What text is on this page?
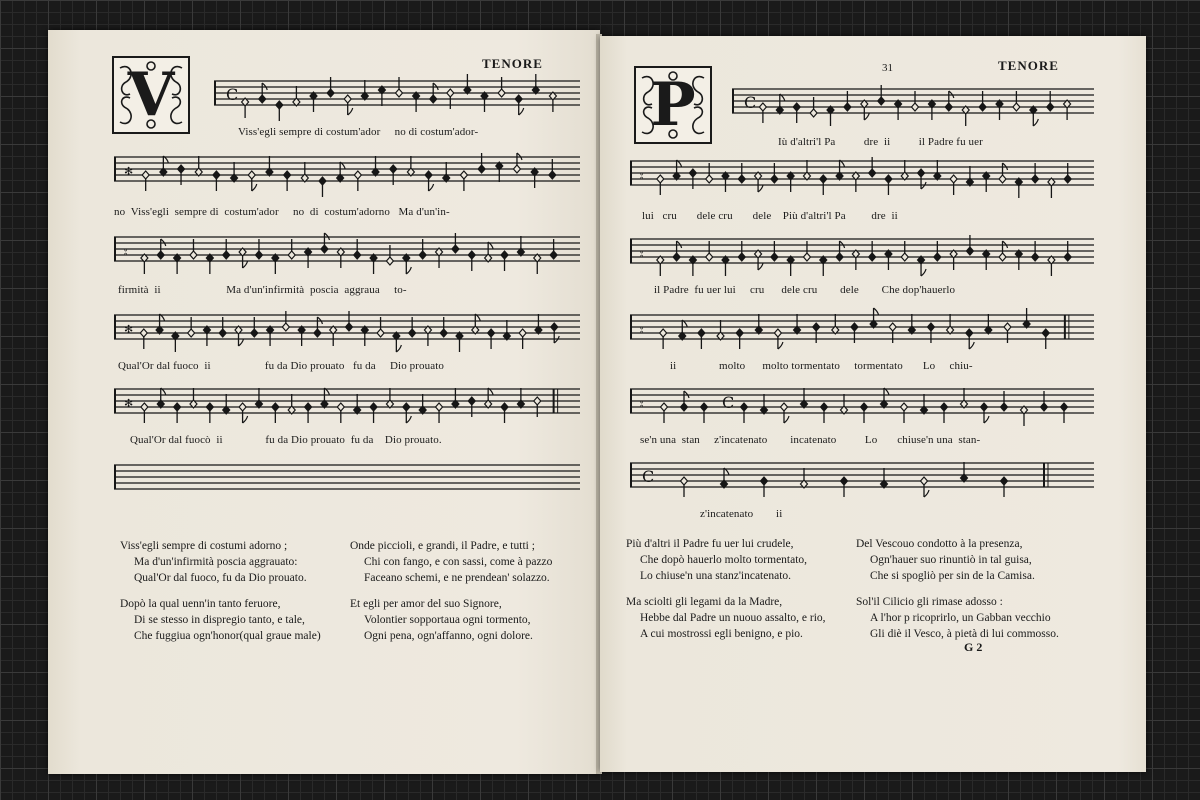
V	TENORE
C
Viss'egli sempre di costum'ador     no di costum'ador-
✻
no  Viss'egli  sempre di  costum'ador     no  di  costum'adorno   Ma d'un'in-
⦂
firmità  ii                       Ma d'un'infirmità  poscia  aggraua     to-
✻
Qual'Or dal fuoco  ii                   fu da Dio prouato   fu da     Dio prouato
✻
Qual'Or dal fuocò  ii               fu da Dio prouato  fu da    Dio prouato.
Viss'egli sempre di costumi adorno ;
Ma d'un'infirmità poscia aggrauato:
Qual'Or dal fuoco, fu da Dio prouato.
Dopò la qual uenn'in tanto feruore,
Di se stesso in dispregio tanto, e tale,
Che fuggiua ogn'honor(qual graue male)
Onde piccioli, e grandi, il Padre, e tutti ;
Chi con fango, e con sassi, come à pazzo
Faceano schemi, e ne prendean' solazzo.
Et egli per amor del suo Signore,
Volontier sopportaua ogni tormento,
Ogni pena, ogn'affanno, ogni dolore.
P
31	TENORE
C
Iù d'altri'l Pa          dre  ii          il Padre fu uer
⦂
lui   cru       dele cru       dele    Più d'altri'l Pa         dre  ii
⦂
il Padre  fu uer lui     cru      dele cru        dele        Che dop'hauerlo
⦂
ii               molto      molto tormentato     tormentato       Lo     chiu-
⦂	C
se'n una  stan     z'incatenato        incatenato          Lo       chiuse'n una  stan-
C
z'incatenato        ii
Più d'altri il Padre fu uer lui crudele,
Che dopò hauerlo molto tormentato,
Lo chiuse'n una stanz'incatenato.
Ma sciolti gli legami da la Madre,
Hebbe dal Padre un nuouo assalto, e rio,
A cui mostrossi egli benigno, e pio.
Del Vescouo condotto à la presenza,
Ogn'hauer suo rinuntiò in tal guisa,
Che si spogliò per sin de la Camisa.
Sol'il Cilicio gli rimase adosso :
A l'hor p ricoprirlo, un Gabban vecchio
Gli diè il Vesco, à pietà di lui commosso.
G 2
